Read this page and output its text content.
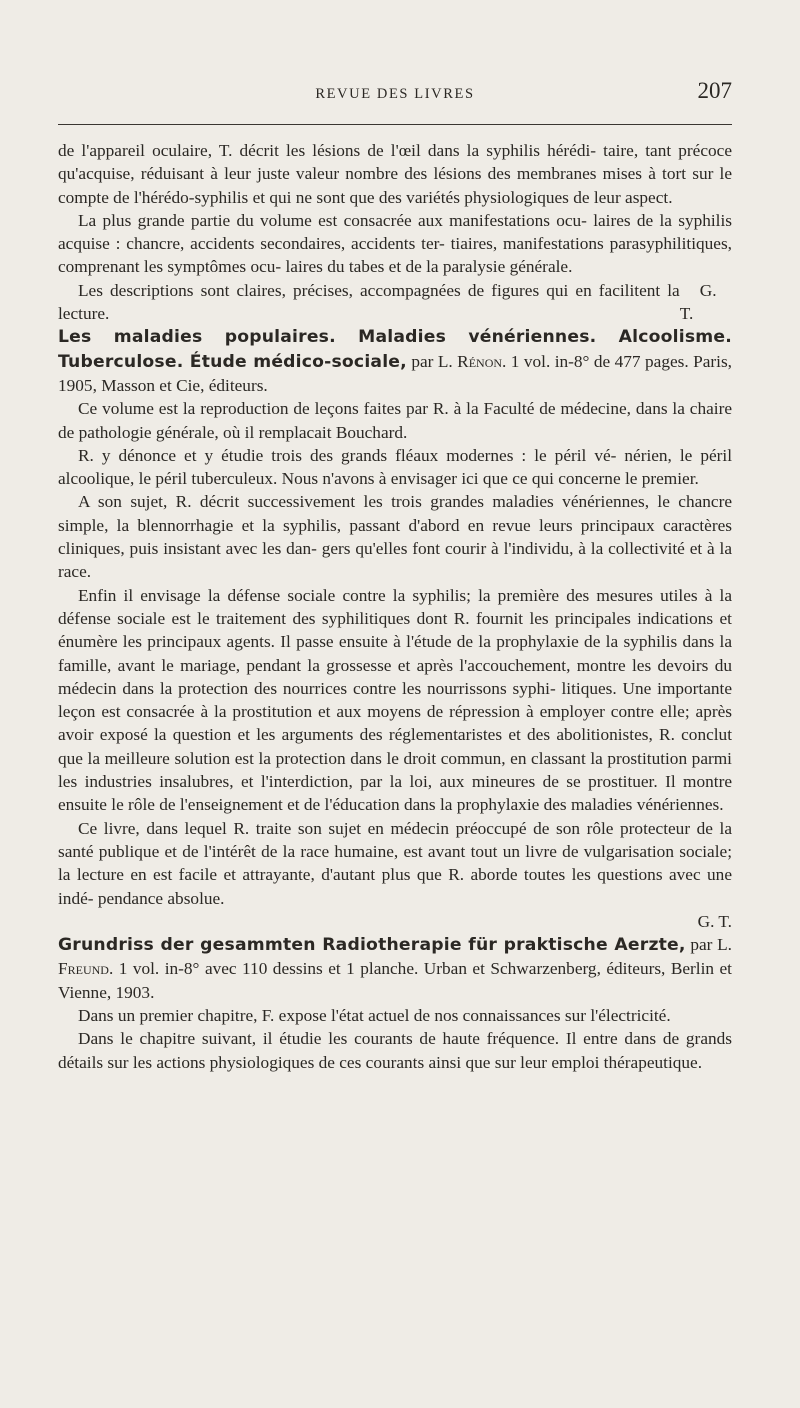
REVUE DES LIVRES	207

de l'appareil oculaire, T. décrit les lésions de l'œil dans la syphilis hérédi- taire, tant précoce qu'acquise, réduisant à leur juste valeur nombre des lésions des membranes mises à tort sur le compte de l'hérédo-syphilis et qui ne sont que des variétés physiologiques de leur aspect.

La plus grande partie du volume est consacrée aux manifestations ocu- laires de la syphilis acquise : chancre, accidents secondaires, accidents ter- tiaires, manifestations parasyphilitiques, comprenant les symptômes ocu- laires du tabes et de la paralysie générale.

Les descriptions sont claires, précises, accompagnées de figures qui en facilitent la lecture.
G. T.

Les maladies populaires. Maladies vénériennes. Alcoolisme. Tuberculose. Étude médico-sociale, par L. Rénon. 1 vol. in-8° de 477 pages. Paris, 1905, Masson et Cie, éditeurs.

Ce volume est la reproduction de leçons faites par R. à la Faculté de médecine, dans la chaire de pathologie générale, où il remplacait Bouchard.

R. y dénonce et y étudie trois des grands fléaux modernes : le péril vé- nérien, le péril alcoolique, le péril tuberculeux. Nous n'avons à envisager ici que ce qui concerne le premier.

A son sujet, R. décrit successivement les trois grandes maladies vénériennes, le chancre simple, la blennorrhagie et la syphilis, passant d'abord en revue leurs principaux caractères cliniques, puis insistant avec les dan- gers qu'elles font courir à l'individu, à la collectivité et à la race.

Enfin il envisage la défense sociale contre la syphilis; la première des mesures utiles à la défense sociale est le traitement des syphilitiques dont R. fournit les principales indications et énumère les principaux agents. Il passe ensuite à l'étude de la prophylaxie de la syphilis dans la famille, avant le mariage, pendant la grossesse et après l'accouchement, montre les devoirs du médecin dans la protection des nourrices contre les nourrissons syphi- litiques. Une importante leçon est consacrée à la prostitution et aux moyens de répression à employer contre elle; après avoir exposé la question et les arguments des réglementaristes et des abolitionistes, R. conclut que la meilleure solution est la protection dans le droit commun, en classant la prostitution parmi les industries insalubres, et l'interdiction, par la loi, aux mineures de se prostituer. Il montre ensuite le rôle de l'enseignement et de l'éducation dans la prophylaxie des maladies vénériennes.

Ce livre, dans lequel R. traite son sujet en médecin préoccupé de son rôle protecteur de la santé publique et de l'intérêt de la race humaine, est avant tout un livre de vulgarisation sociale; la lecture en est facile et attrayante, d'autant plus que R. aborde toutes les questions avec une indé- pendance absolue.

G. T.

Grundriss der gesammten Radiotherapie für praktische Aerzte, par L. Freund. 1 vol. in-8° avec 110 dessins et 1 planche. Urban et Schwarzenberg, éditeurs, Berlin et Vienne, 1903.

Dans un premier chapitre, F. expose l'état actuel de nos connaissances sur l'électricité.

Dans le chapitre suivant, il étudie les courants de haute fréquence. Il entre dans de grands détails sur les actions physiologiques de ces courants ainsi que sur leur emploi thérapeutique.
